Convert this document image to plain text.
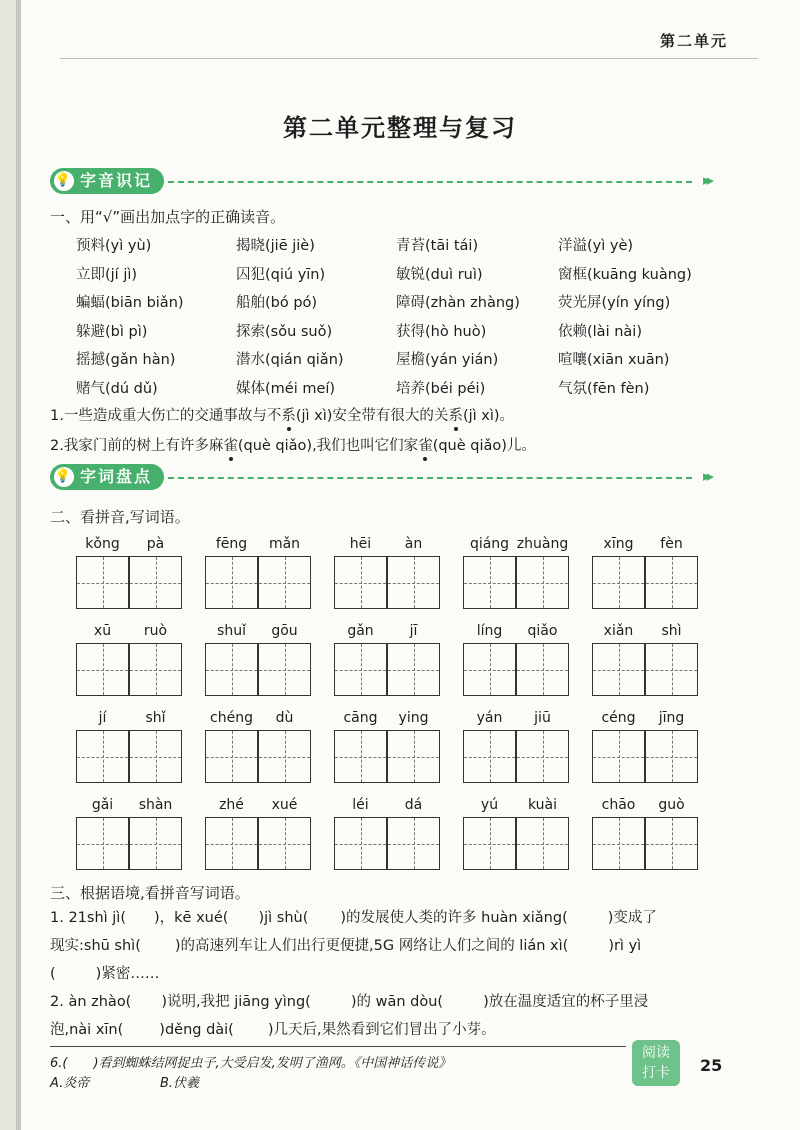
第二单元
第二单元整理与复习
💡 字音识记	▸▸
一、用“√”画出加点字的正确读音。
预料(yì yù)	揭晓(jiē jiè)	青苔(tāi tái)	洋溢(yì yè)
立即(jí jì)	囚犯(qiú yīn)	敏锐(duì ruì)	窗框(kuāng kuàng)
蝙蝠(biān biǎn)	船舶(bó pó)	障碍(zhàn zhàng)	荧光屏(yín yíng)
躲避(bì pì)	探索(sǒu suǒ)	获得(hò huò)	依赖(lài nài)
摇撼(gǎn hàn)	潜水(qián qiǎn)	屋檐(yán yián)	喧嚷(xiān xuān)
赌气(dú dǔ)	媒体(méi meí)	培养(béi péi)	气氛(fēn fèn)
1.一些造成重大伤亡的交通事故与不系(jì xì)安全带有很大的关系(jì xì)。
2.我家门前的树上有许多麻雀(què qiǎo),我们也叫它们家雀(què qiǎo)儿。
💡 字词盘点	▸▸
二、看拼音,写词语。
kǒng	pà	fēng	mǎn	hēi	àn	qiáng zhuàng	xīng	fèn
xū	ruò	shuǐ	gōu	gǎn	jī	líng	qiǎo	xiǎn	shì
jí	shǐ	chéng	dù	cāng	ying	yán	jiū	céng	jīng
gǎi	shàn	zhé	xué	léi	dá	yú	kuài	chāo	guò
三、根据语境,看拼音写词语。
1. 21shì jì( )，kē xué( )jì shù( )的发展使人类的许多 huàn xiǎng(	)变成了
现实:shū shì( )的高速列车让人们出行更便捷,5G 网络让人们之间的 lián xì(	)rì yì
(	)紧密……
2. àn zhào( )说明,我把 jiāng yìng(	)的 wān dòu(	)放在温度适宜的杯子里浸
泡,nài xīn( )děng dài( )几天后,果然看到它们冒出了小芽。
6.(　　)看到蜘蛛结网捉虫子,大受启发,发明了渔网。《中国神话传说》
A.炎帝	B.伏羲
阅读
打卡	25
